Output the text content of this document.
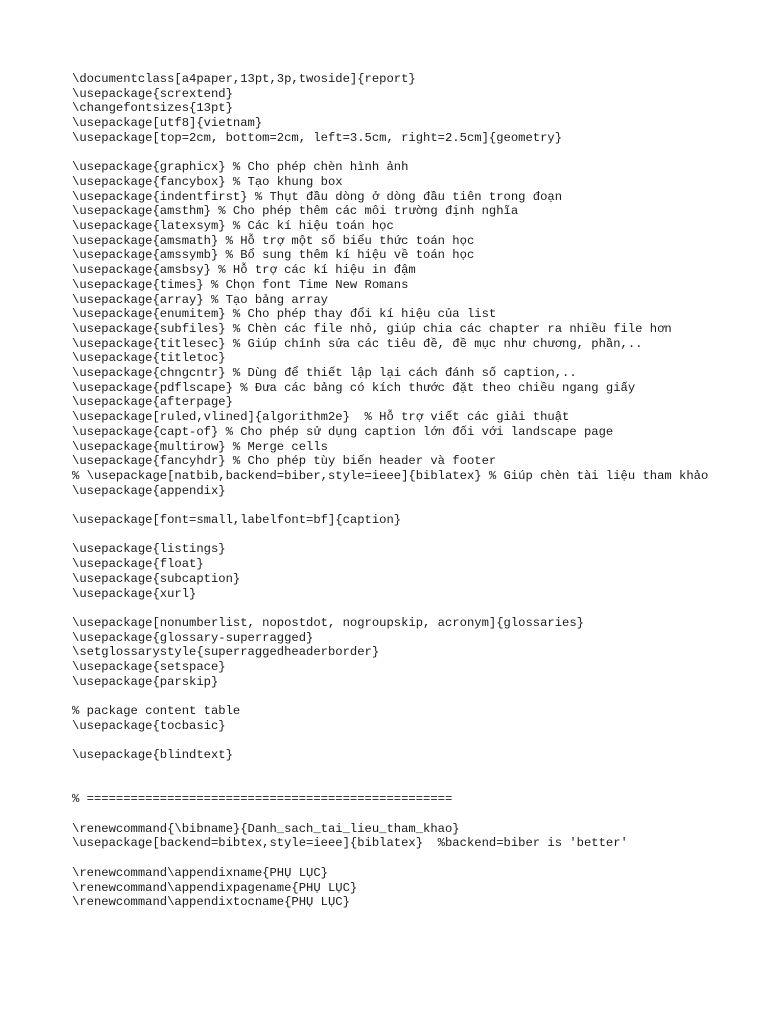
\documentclass[a4paper,13pt,3p,twoside]{report}
\usepackage{scrextend}
\changefontsizes{13pt}
\usepackage[utf8]{vietnam}
\usepackage[top=2cm, bottom=2cm, left=3.5cm, right=2.5cm]{geometry}
\usepackage{graphicx} % Cho phép chèn hình ảnh
\usepackage{fancybox} % Tạo khung box
\usepackage{indentfirst} % Thụt đầu dòng ở dòng đầu tiên trong đoạn
\usepackage{amsthm} % Cho phép thêm các môi trường định nghĩa
\usepackage{latexsym} % Các kí hiệu toán học
\usepackage{amsmath} % Hỗ trợ một số biểu thức toán học
\usepackage{amssymb} % Bổ sung thêm kí hiệu về toán học
\usepackage{amsbsy} % Hỗ trợ các kí hiệu in đậm
\usepackage{times} % Chọn font Time New Romans
\usepackage{array} % Tạo bảng array
\usepackage{enumitem} % Cho phép thay đổi kí hiệu của list
\usepackage{subfiles} % Chèn các file nhỏ, giúp chia các chapter ra nhiều file hơn
\usepackage{titlesec} % Giúp chỉnh sửa các tiêu đề, đề mục như chương, phần,..
\usepackage{titletoc}
\usepackage{chngcntr} % Dùng để thiết lập lại cách đánh số caption,..
\usepackage{pdflscape} % Đưa các bảng có kích thước đặt theo chiều ngang giấy
\usepackage{afterpage}
\usepackage[ruled,vlined]{algorithm2e}  % Hỗ trợ viết các giải thuật
\usepackage{capt-of} % Cho phép sử dụng caption lớn đối với landscape page
\usepackage{multirow} % Merge cells
\usepackage{fancyhdr} % Cho phép tùy biến header và footer
% \usepackage[natbib,backend=biber,style=ieee]{biblatex} % Giúp chèn tài liệu tham khảo
\usepackage{appendix}
\usepackage[font=small,labelfont=bf]{caption}
\usepackage{listings}
\usepackage{float}
\usepackage{subcaption}
\usepackage{xurl}
\usepackage[nonumberlist, nopostdot, nogroupskip, acronym]{glossaries}
\usepackage{glossary-superragged}
\setglossarystyle{superraggedheaderborder}
\usepackage{setspace}
\usepackage{parskip}
% package content table
\usepackage{tocbasic}
\usepackage{blindtext}
% ==================================================
\renewcommand{\bibname}{Danh_sach_tai_lieu_tham_khao}
\usepackage[backend=bibtex,style=ieee]{biblatex}  %backend=biber is 'better'
\renewcommand\appendixname{PHỤ LỤC}
\renewcommand\appendixpagename{PHỤ LỤC}
\renewcommand\appendixtocname{PHỤ LỤC}
